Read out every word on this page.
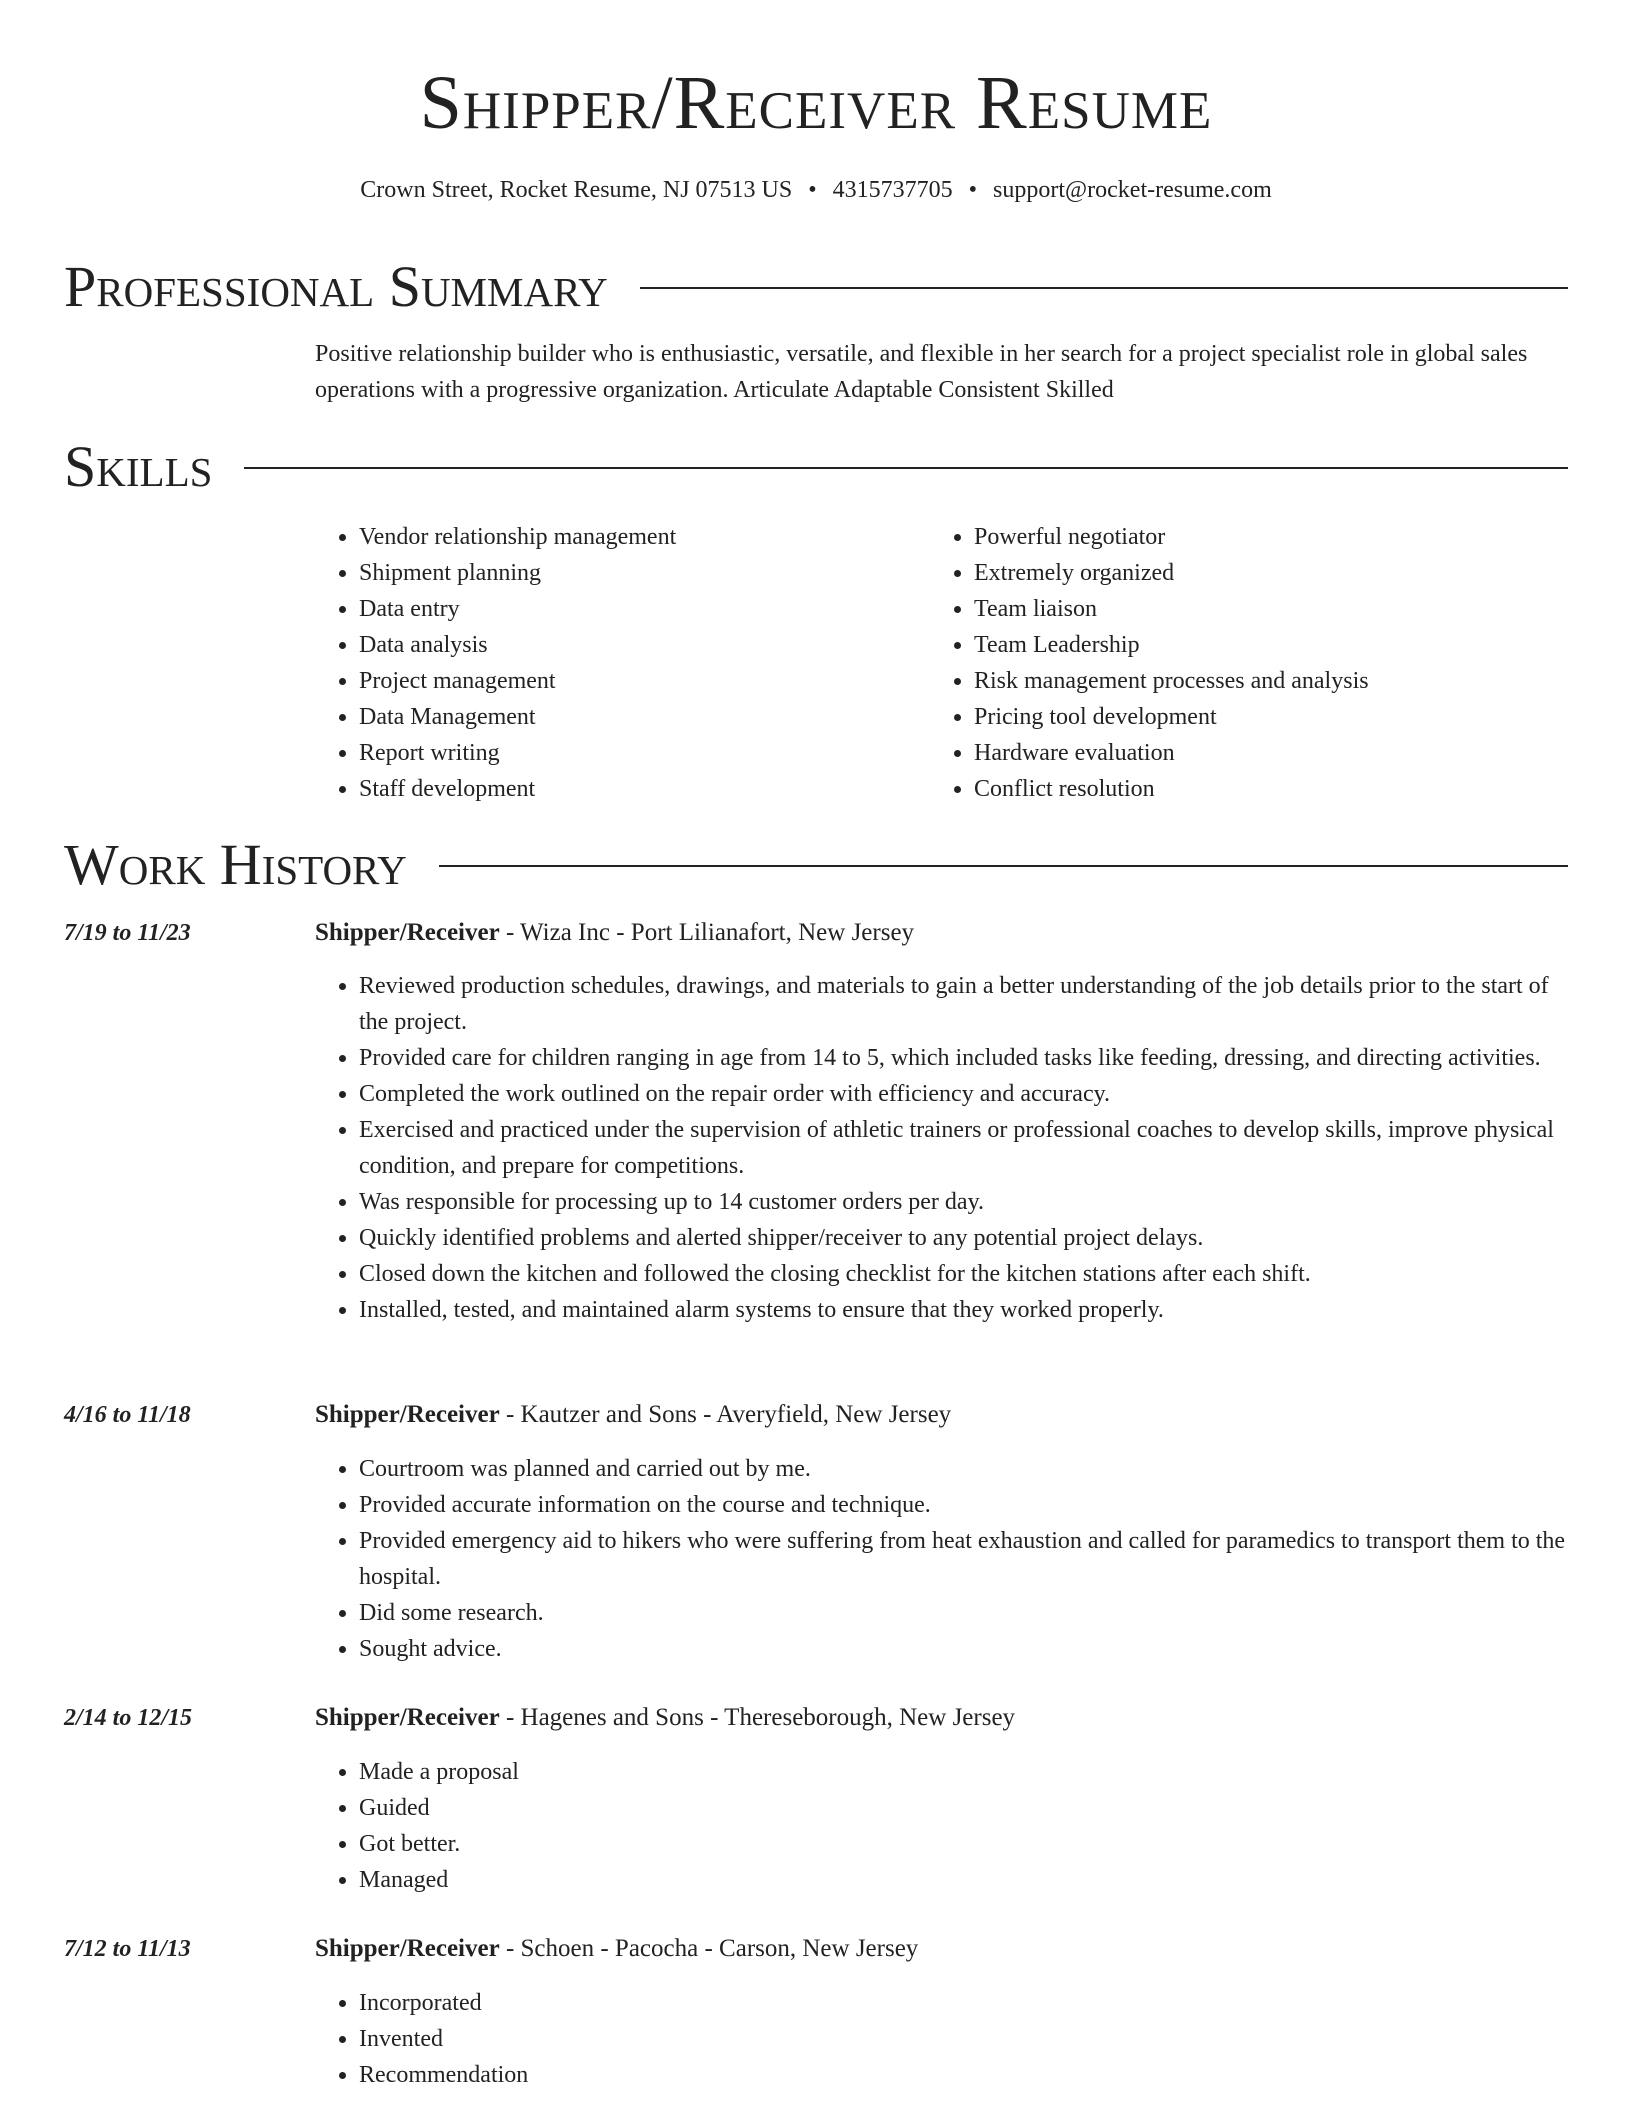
Shipper/Receiver Resume
Crown Street, Rocket Resume, NJ 07513 US • 4315737705 • support@rocket-resume.com
Professional Summary
Positive relationship builder who is enthusiastic, versatile, and flexible in her search for a project specialist role in global sales operations with a progressive organization. Articulate Adaptable Consistent Skilled
Skills
• Vendor relationship management
• Shipment planning
• Data entry
• Data analysis
• Project management
• Data Management
• Report writing
• Staff development
• Powerful negotiator
• Extremely organized
• Team liaison
• Team Leadership
• Risk management processes and analysis
• Pricing tool development
• Hardware evaluation
• Conflict resolution
Work History
7/19 to 11/23	Shipper/Receiver - Wiza Inc - Port Lilianafort, New Jersey
• Reviewed production schedules, drawings, and materials to gain a better understanding of the job details prior to the start of the project.
• Provided care for children ranging in age from 14 to 5, which included tasks like feeding, dressing, and directing activities.
• Completed the work outlined on the repair order with efficiency and accuracy.
• Exercised and practiced under the supervision of athletic trainers or professional coaches to develop skills, improve physical condition, and prepare for competitions.
• Was responsible for processing up to 14 customer orders per day.
• Quickly identified problems and alerted shipper/receiver to any potential project delays.
• Closed down the kitchen and followed the closing checklist for the kitchen stations after each shift.
• Installed, tested, and maintained alarm systems to ensure that they worked properly.
4/16 to 11/18	Shipper/Receiver - Kautzer and Sons - Averyfield, New Jersey
• Courtroom was planned and carried out by me.
• Provided accurate information on the course and technique.
• Provided emergency aid to hikers who were suffering from heat exhaustion and called for paramedics to transport them to the hospital.
• Did some research.
• Sought advice.
2/14 to 12/15	Shipper/Receiver - Hagenes and Sons - Thereseborough, New Jersey
• Made a proposal
• Guided
• Got better.
• Managed
7/12 to 11/13	Shipper/Receiver - Schoen - Pacocha - Carson, New Jersey
• Incorporated
• Invented
• Recommendation
